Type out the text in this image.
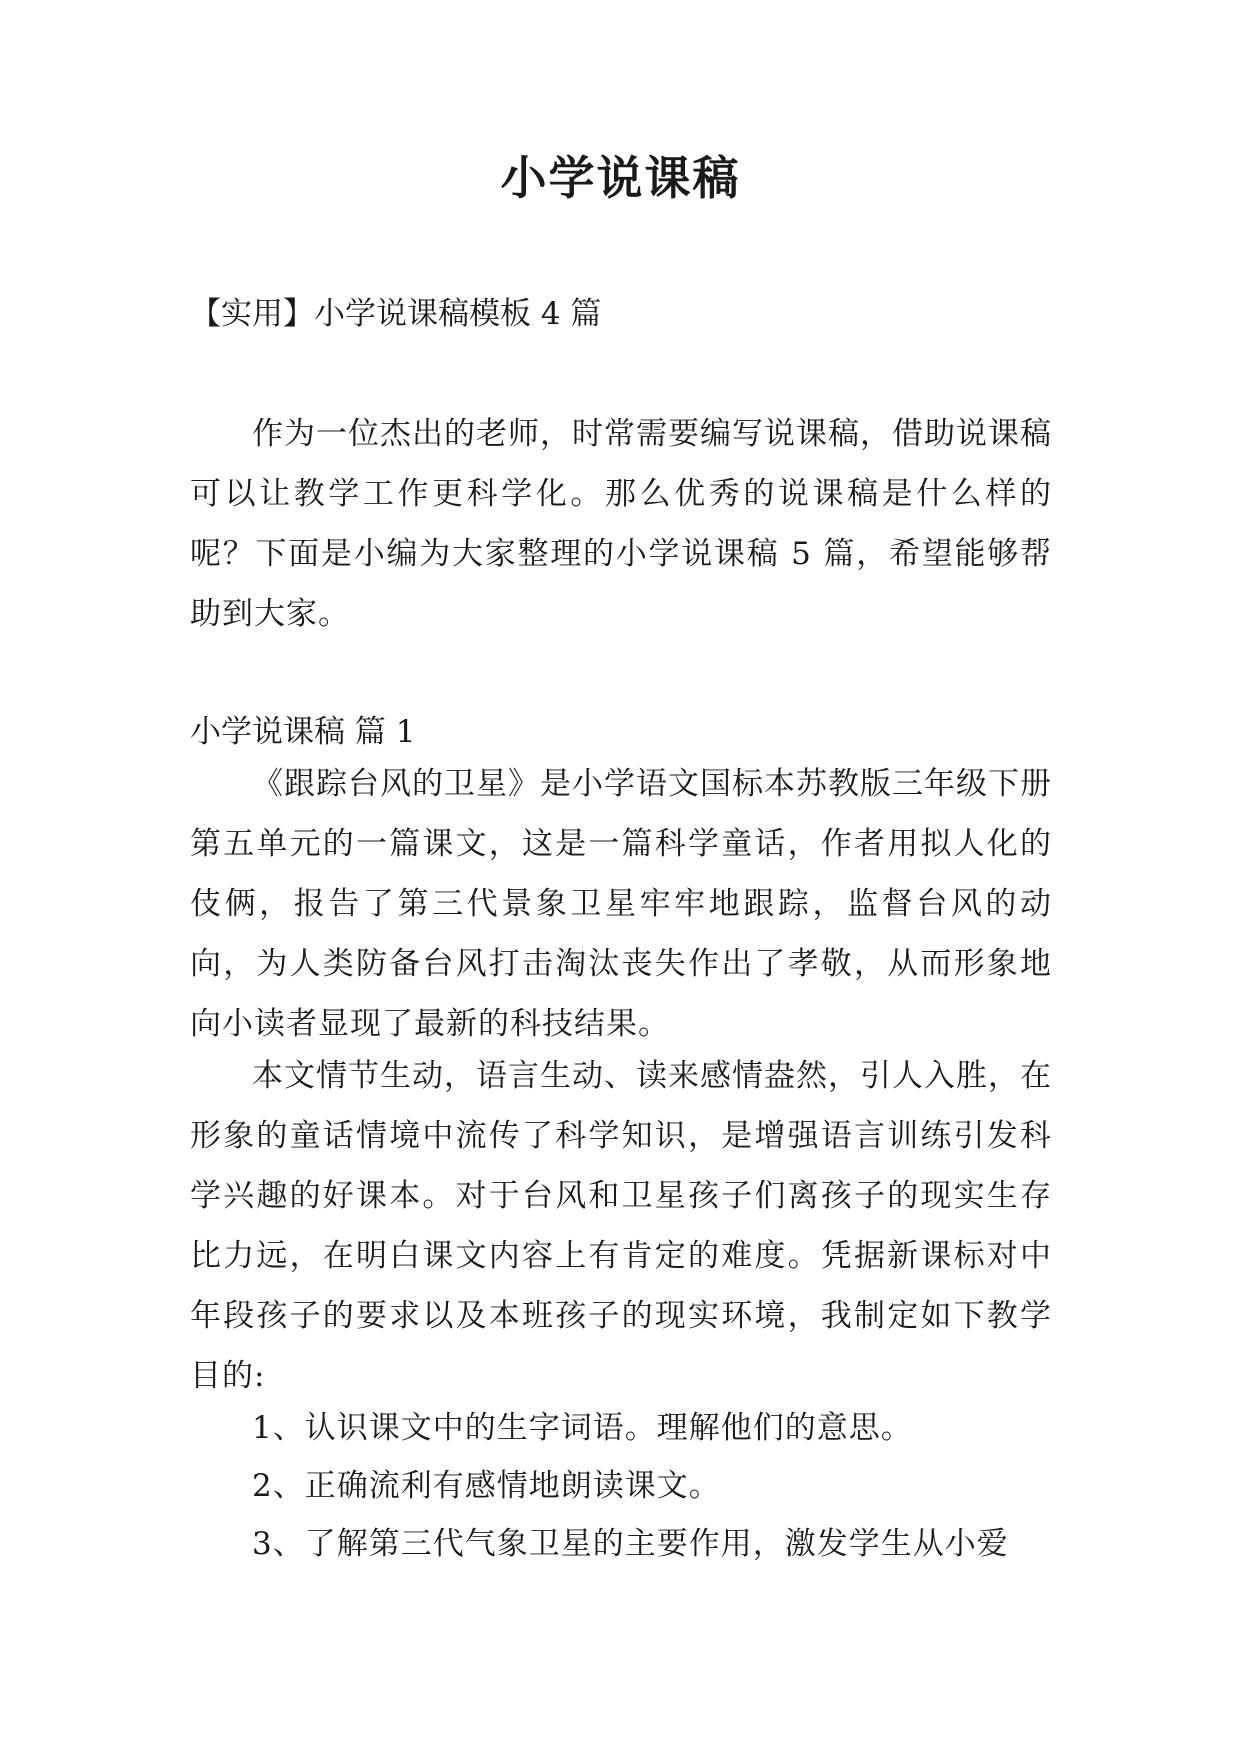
小学说课稿

【实用】小学说课稿模板 4 篇

作为一位杰出的老师，时常需要编写说课稿，借助说课稿可以让教学工作更科学化。那么优秀的说课稿是什么样的呢？下面是小编为大家整理的小学说课稿 5 篇，希望能够帮助到大家。

小学说课稿 篇 1

《跟踪台风的卫星》是小学语文国标本苏教版三年级下册第五单元的一篇课文，这是一篇科学童话，作者用拟人化的伎俩，报告了第三代景象卫星牢牢地跟踪，监督台风的动向，为人类防备台风打击淘汰丧失作出了孝敬，从而形象地向小读者显现了最新的科技结果。

本文情节生动，语言生动、读来感情盎然，引人入胜，在形象的童话情境中流传了科学知识，是增强语言训练引发科学兴趣的好课本。对于台风和卫星孩子们离孩子的现实生存比力远，在明白课文内容上有肯定的难度。凭据新课标对中年段孩子的要求以及本班孩子的现实环境，我制定如下教学目的:

1、认识课文中的生字词语。理解他们的意思。

2、正确流利有感情地朗读课文。

3、了解第三代气象卫星的主要作用，激发学生从小爱
